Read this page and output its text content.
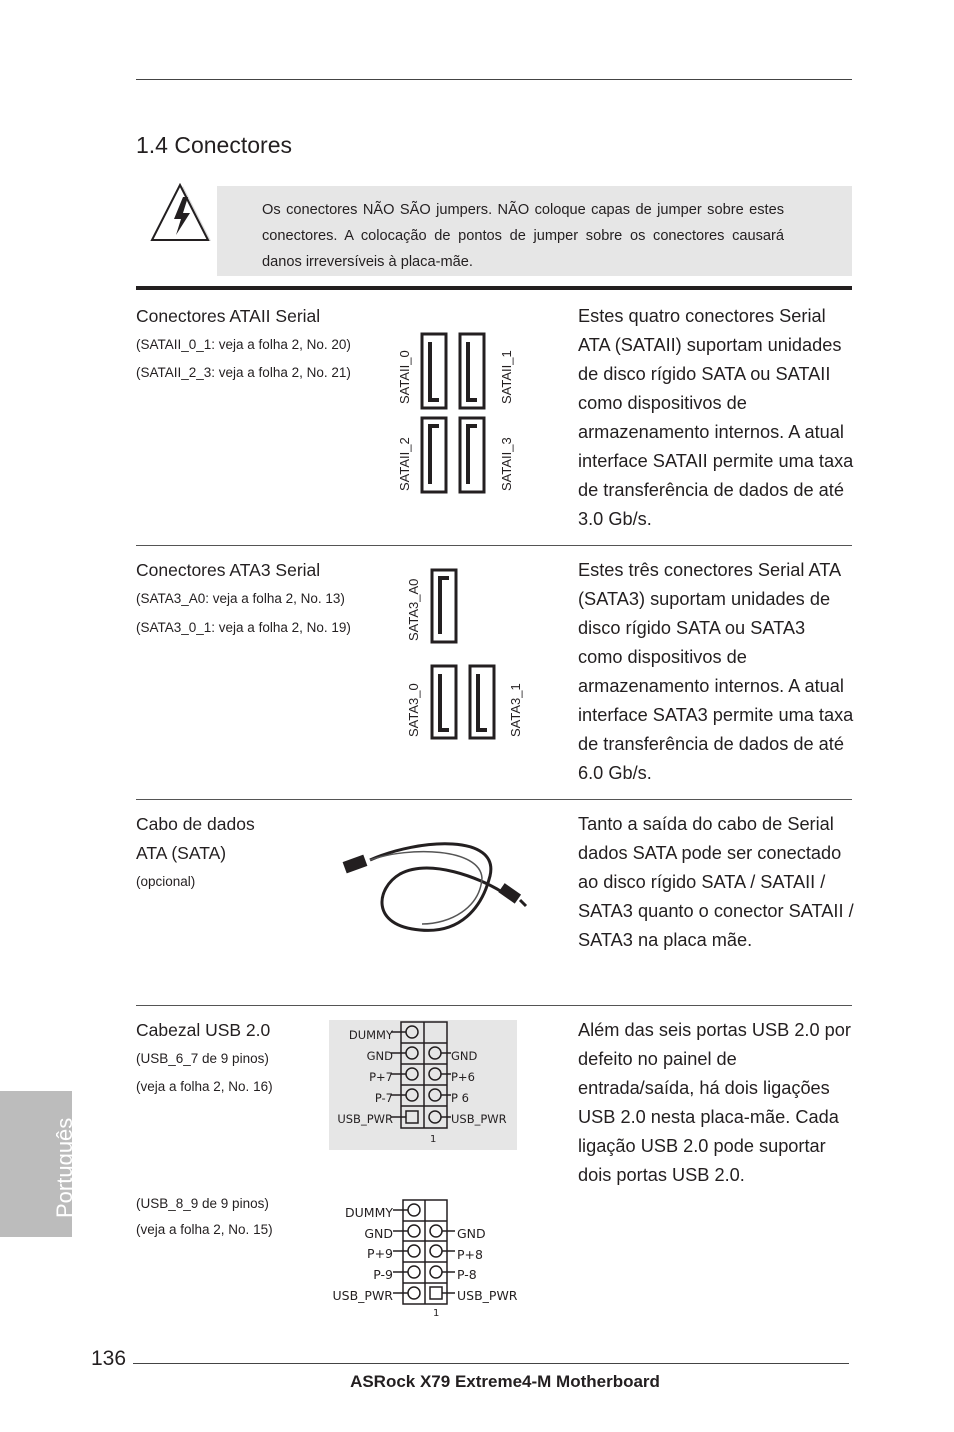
1.4 Conectores
Os conectores NÃO SÃO jumpers. NÃO coloque capas de jumper sobre estes conectores. A colocação de pontos de jumper sobre os conectores causará danos irreversíveis à placa-mãe.
Conectores ATAII Serial
(SATAII_0_1: veja a folha 2, No. 20)
(SATAII_2_3: veja a folha 2, No. 21)	SATAII_0	SATAII_1
SATAII_2	SATAII_3
Estes quatro conectores Serial ATA (SATAII) suportam unidades de disco rígido SATA ou SATAII como dispositivos de armazenamento internos. A atual interface SATAII permite uma taxa de transferência de dados de até 3.0 Gb/s.
Conectores ATA3 Serial
(SATA3_A0: veja a folha 2, No. 13)
(SATA3_0_1: veja a folha 2, No. 19)	SATA3_A0
SATA3_0	SATA3_1
Estes três conectores Serial ATA (SATA3) suportam unidades de disco rígido SATA ou SATA3 como dispositivos de armazenamento internos. A atual interface SATA3 permite uma taxa de transferência de dados de até 6.0 Gb/s.
Cabo de dados
ATA (SATA)
(opcional)
Tanto a saída do cabo de Serial dados SATA pode ser conectado ao disco rígido SATA / SATAII / SATA3 quanto o conector SATAII / SATA3 na placa mãe.
Cabezal USB 2.0
(USB_6_7 de 9 pinos)
(veja a folha 2, No. 16)
DUMMY
GND
P+7
P-7
USB_PWR
GND
P+6
P 6
USB_PWR
1
(USB_8_9 de 9 pinos)
(veja a folha 2, No. 15)
DUMMY
GND
P+9
P-9
USB_PWR
GND
P+8
P-8
USB_PWR
1
Além das seis portas USB 2.0 por defeito no painel de entrada/saída, há dois ligações USB 2.0 nesta placa-mãe. Cada ligação USB 2.0 pode suportar dois portas USB 2.0.
Português
136
ASRock X79 Extreme4-M Motherboard
